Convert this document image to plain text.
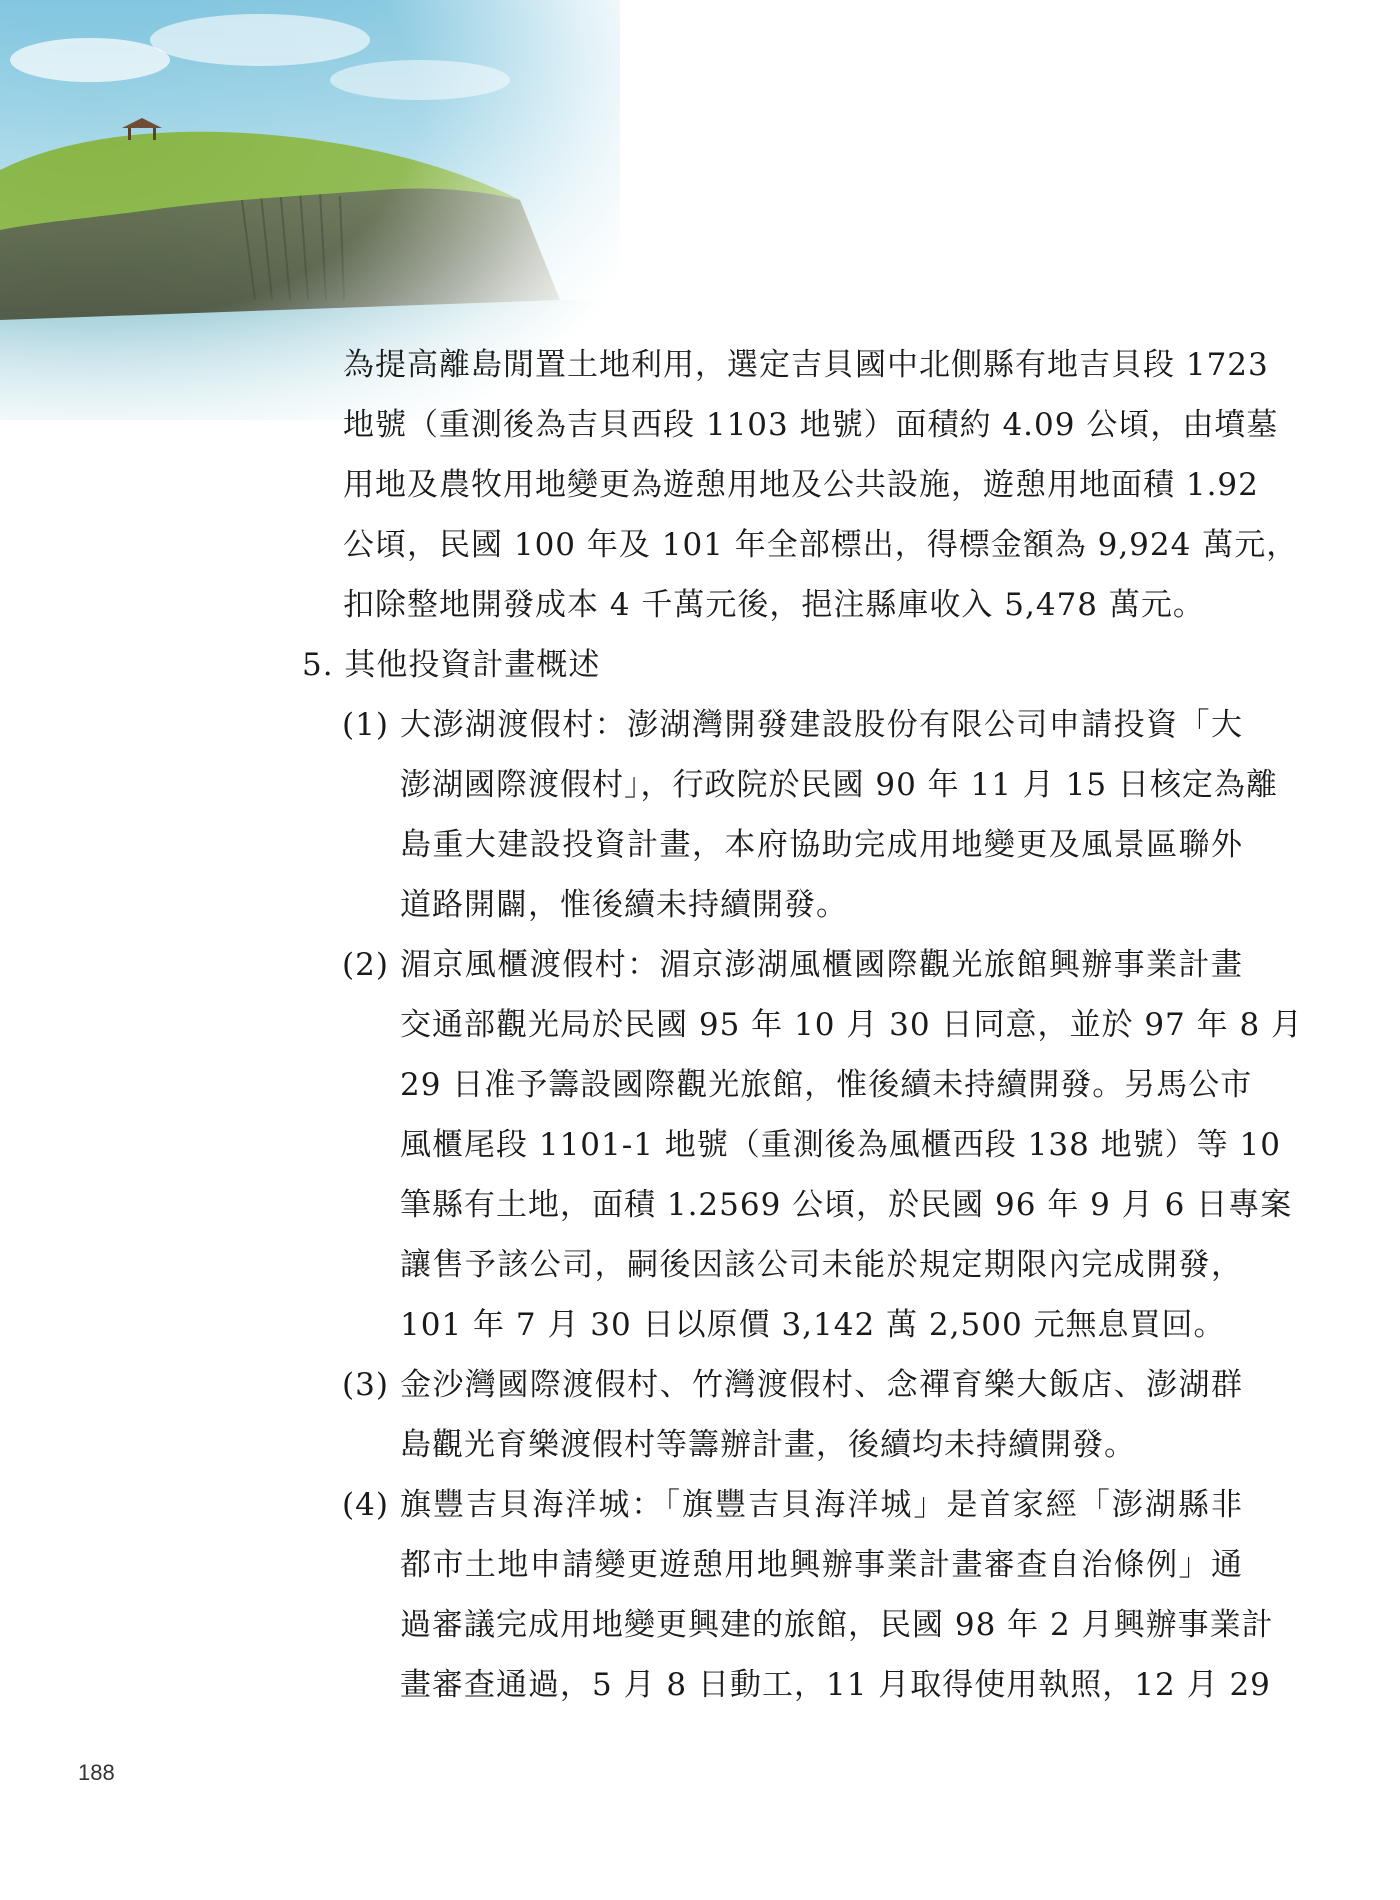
為提高離島閒置土地利用，選定吉貝國中北側縣有地吉貝段 1723
地號（重測後為吉貝西段 1103 地號）面積約 4.09 公頃，由墳墓
用地及農牧用地變更為遊憩用地及公共設施，遊憩用地面積 1.92
公頃，民國 100 年及 101 年全部標出，得標金額為 9,924 萬元，
扣除整地開發成本 4 千萬元後，挹注縣庫收入 5,478 萬元。
5. 其他投資計畫概述
(1) 大澎湖渡假村：澎湖灣開發建設股份有限公司申請投資「大
澎湖國際渡假村」，行政院於民國 90 年 11 月 15 日核定為離
島重大建設投資計畫，本府協助完成用地變更及風景區聯外
道路開闢，惟後續未持續開發。
(2) 湄京風櫃渡假村：湄京澎湖風櫃國際觀光旅館興辦事業計畫
交通部觀光局於民國 95 年 10 月 30 日同意，並於 97 年 8 月
29 日准予籌設國際觀光旅館，惟後續未持續開發。另馬公市
風櫃尾段 1101-1 地號（重測後為風櫃西段 138 地號）等 10
筆縣有土地，面積 1.2569 公頃，於民國 96 年 9 月 6 日專案
讓售予該公司，嗣後因該公司未能於規定期限內完成開發，
101 年 7 月 30 日以原價 3,142 萬 2,500 元無息買回。
(3) 金沙灣國際渡假村、竹灣渡假村、念禪育樂大飯店、澎湖群
島觀光育樂渡假村等籌辦計畫，後續均未持續開發。
(4) 旗豐吉貝海洋城：「旗豐吉貝海洋城」是首家經「澎湖縣非
都市土地申請變更遊憩用地興辦事業計畫審查自治條例」通
過審議完成用地變更興建的旅館，民國 98 年 2 月興辦事業計
畫審查通過，5 月 8 日動工，11 月取得使用執照，12 月 29
188
